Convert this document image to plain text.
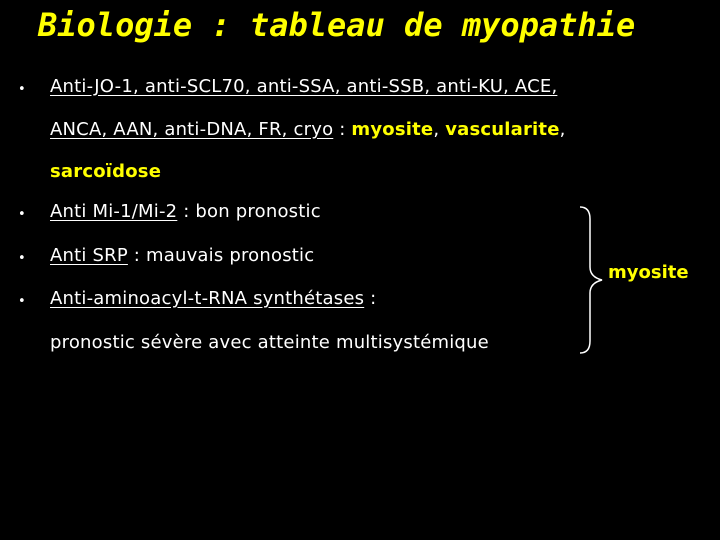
Biologie : tableau de myopathie
• Anti-JO-1, anti-SCL70, anti-SSA, anti-SSB, anti-KU, ACE,
ANCA, AAN, anti-DNA, FR, cryo : myosite, vascularite,
sarcoïdose
• Anti Mi-1/Mi-2 : bon pronostic
• Anti SRP : mauvais pronostic
• Anti-aminoacyl-t-RNA synthétases :
pronostic sévère avec atteinte multisystémique
myosite
